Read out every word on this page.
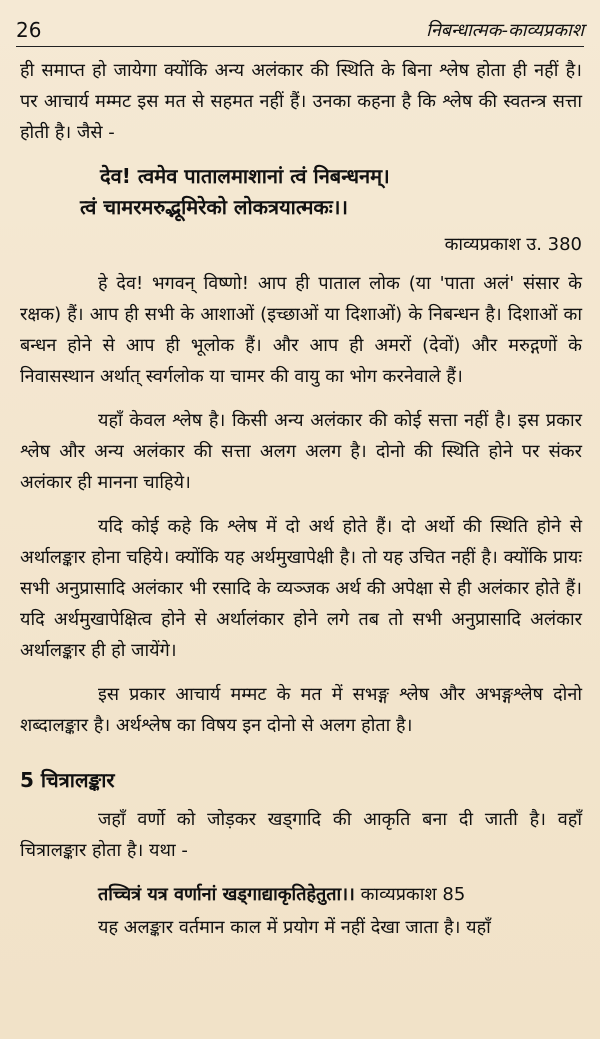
26	निबन्धात्मक-काव्यप्रकाश

ही समाप्त हो जायेगा क्योंकि अन्य अलंकार की स्थिति के बिना श्लेष होता ही नहीं है। पर आचार्य मम्मट इस मत से सहमत नहीं हैं। उनका कहना है कि श्लेष की स्वतन्त्र सत्ता होती है। जैसे -

देव! त्वमेव पातालमाशानां त्वं निबन्धनम्।
त्वं चामरमरुद्भूमिरेको लोकत्रयात्मकः।।
काव्यप्रकाश उ. 380

हे देव! भगवन् विष्णो! आप ही पाताल लोक (या 'पाता अलं' संसार के रक्षक) हैं। आप ही सभी के आशाओं (इच्छाओं या दिशाओं) के निबन्धन है। दिशाओं का बन्धन होने से आप ही भूलोक हैं। और आप ही अमरों (देवों) और मरुद्गणों के निवासस्थान अर्थात् स्वर्गलोक या चामर की वायु का भोग करनेवाले हैं।

यहाँ केवल श्लेष है। किसी अन्य अलंकार की कोई सत्ता नहीं है। इस प्रकार श्लेष और अन्य अलंकार की सत्ता अलग अलग है। दोनो की स्थिति होने पर संकर अलंकार ही मानना चाहिये।

यदि कोई कहे कि श्लेष में दो अर्थ होते हैं। दो अर्थो की स्थिति होने से अर्थालङ्कार होना चहिये। क्योंकि यह अर्थमुखापेक्षी है। तो यह उचित नहीं है। क्योंकि प्रायः सभी अनुप्रासादि अलंकार भी रसादि के व्यञ्जक अर्थ की अपेक्षा से ही अलंकार होते हैं। यदि अर्थमुखापेक्षित्व होने से अर्थालंकार होने लगे तब तो सभी अनुप्रासादि अलंकार अर्थालङ्कार ही हो जायेंगे।

इस प्रकार आचार्य मम्मट के मत में सभङ्ग श्लेष और अभङ्गश्लेष दोनो शब्दालङ्कार है। अर्थश्लेष का विषय इन दोनो से अलग होता है।

5 चित्रालङ्कार

जहाँ वर्णो को जोड़कर खड्गादि की आकृति बना दी जाती है। वहाँ चित्रालङ्कार होता है। यथा -

तच्चित्रं यत्र वर्णानां खड्गाद्याकृतिहेतुता।। काव्यप्रकाश 85

यह अलङ्कार वर्तमान काल में प्रयोग में नहीं देखा जाता है। यहाँ
